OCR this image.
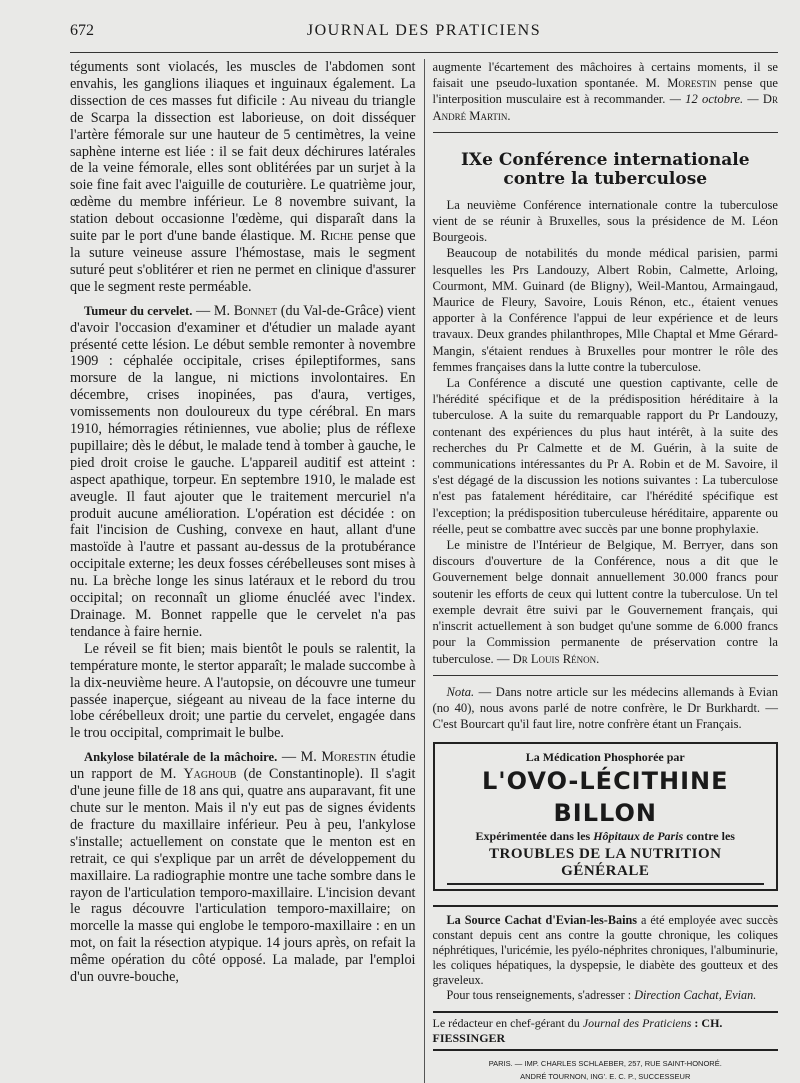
672	JOURNAL DES PRATICIENS

téguments sont violacés, les muscles de l'abdomen sont envahis, les ganglions iliaques et inguinaux également. La dissection de ces masses fut dificile : Au niveau du triangle de Scarpa la dissection est laborieuse, on doit disséquer l'artère fémorale sur une hauteur de 5 centimètres, la veine saphène interne est liée : il se fait deux déchirures latérales de la veine fémorale, elles sont oblitérées par un surjet à la soie fine fait avec l'aiguille de couturière. Le quatrième jour, œdème du membre inférieur. Le 8 novembre suivant, la station debout occasionne l'œdème, qui disparaît dans la suite par le port d'une bande élastique. M. Riche pense que la suture veineuse assure l'hémostase, mais le segment suturé peut s'oblitérer et rien ne permet en clinique d'assurer que le segment reste perméable.

Tumeur du cervelet. — M. Bonnet (du Val-de-Grâce) vient d'avoir l'occasion d'examiner et d'étudier un malade ayant présenté cette lésion. Le début semble remonter à novembre 1909 : céphalée occipitale, crises épileptiformes, sans morsure de la langue, ni mictions involontaires. En décembre, crises inopinées, pas d'aura, vertiges, vomissements non douloureux du type cérébral. En mars 1910, hémorragies rétiniennes, vue abolie; plus de réflexe pupillaire; dès le début, le malade tend à tomber à gauche, le pied droit croise le gauche. L'appareil auditif est atteint : aspect apathique, torpeur. En septembre 1910, le malade est aveugle. Il faut ajouter que le traitement mercuriel n'a produit aucune amélioration. L'opération est décidée : on fait l'incision de Cushing, convexe en haut, allant d'une mastoïde à l'autre et passant au-dessus de la protubérance occipitale externe; les deux fosses cérébelleuses sont mises à nu. La brèche longe les sinus latéraux et le rebord du trou occipital; on reconnaît un gliome énucléé avec l'index. Drainage. M. Bonnet rappelle que le cervelet n'a pas tendance à faire hernie.

Le réveil se fit bien; mais bientôt le pouls se ralentit, la température monte, le stertor apparaît; le malade succombe à la dix-neuvième heure. A l'autopsie, on découvre une tumeur passée inaperçue, siégeant au niveau de la face interne du lobe cérébelleux droit; une partie du cervelet, engagée dans le trou occipital, comprimait le bulbe.

Ankylose bilatérale de la mâchoire. — M. Morestin étudie un rapport de M. Yaghoub (de Constantinople). Il s'agit d'une jeune fille de 18 ans qui, quatre ans auparavant, fit une chute sur le menton. Mais il n'y eut pas de signes évidents de fracture du maxillaire inférieur. Peu à peu, l'ankylose s'installe; actuellement on constate que le menton est en retrait, ce qui s'explique par un arrêt de développement du maxillaire. La radiographie montre une tache sombre dans le rayon de l'articulation temporo-maxillaire. L'incision devant le ragus découvre l'articulation temporo-maxillaire; on morcelle la masse qui englobe le temporo-maxillaire : en un mot, on fait la résection atypique. 14 jours après, on refait la même opération du côté opposé. La malade, par l'emploi d'un ouvre-bouche,

augmente l'écartement des mâchoires à certains moments, il se faisait une pseudo-luxation spontanée. M. Morestin pense que l'interposition musculaire est à recommander. — 12 octobre. — Dr André Martin.

IXe Conférence internationale
contre la tuberculose

La neuvième Conférence internationale contre la tuberculose vient de se réunir à Bruxelles, sous la présidence de M. Léon Bourgeois.

Beaucoup de notabilités du monde médical parisien, parmi lesquelles les Prs Landouzy, Albert Robin, Calmette, Arloing, Courmont, MM. Guinard (de Bligny), Weil-Mantou, Armaingaud, Maurice de Fleury, Savoire, Louis Rénon, etc., étaient venues apporter à la Conférence l'appui de leur expérience et de leurs travaux. Deux grandes philanthropes, Mlle Chaptal et Mme Gérard-Mangin, s'étaient rendues à Bruxelles pour montrer le rôle des femmes françaises dans la lutte contre la tuberculose.

La Conférence a discuté une question captivante, celle de l'hérédité spécifique et de la prédisposition héréditaire à la tuberculose. A la suite du remarquable rapport du Pr Landouzy, contenant des expériences du plus haut intérêt, à la suite des recherches du Pr Calmette et de M. Guérin, à la suite de communications intéressantes du Pr A. Robin et de M. Savoire, il s'est dégagé de la discussion les notions suivantes : La tuberculose n'est pas fatalement héréditaire, car l'hérédité spécifique est l'exception; la prédisposition tuberculeuse héréditaire, apparente ou réelle, peut se combattre avec succès par une bonne prophylaxie.

Le ministre de l'Intérieur de Belgique, M. Berryer, dans son discours d'ouverture de la Conférence, nous a dit que le Gouvernement belge donnait annuellement 30.000 francs pour soutenir les efforts de ceux qui luttent contre la tuberculose. Un tel exemple devrait être suivi par le Gouvernement français, qui n'inscrit actuellement à son budget qu'une somme de 6.000 francs pour la Commission permanente de préservation contre la tuberculose. — Dr Louis Rénon.

Nota. — Dans notre article sur les médecins allemands à Evian (no 40), nous avons parlé de notre confrère, le Dr Burkhardt. — C'est Bourcart qu'il faut lire, notre confrère étant un Français.

La Médication Phosphorée par
L'OVO-LÉCITHINE BILLON
Expérimentée dans les Hôpitaux de Paris contre les
TROUBLES DE LA NUTRITION GÉNÉRALE

La Source Cachat d'Evian-les-Bains a été employée avec succès constant depuis cent ans contre la goutte chronique, les coliques néphrétiques, l'uricémie, les pyélo-néphrites chroniques, l'albuminurie, les coliques hépatiques, la dyspepsie, le diabète des goutteux et des graveleux.

Pour tous renseignements, s'adresser : Direction Cachat, Evian.

Le rédacteur en chef-gérant du Journal des Praticiens : CH. FIESSINGER
PARIS. — IMP. CHARLES SCHLAEBER, 257, RUE SAINT-HONORÉ.
ANDRÉ TOURNON, ING'. E. C. P., SUCCESSEUR
